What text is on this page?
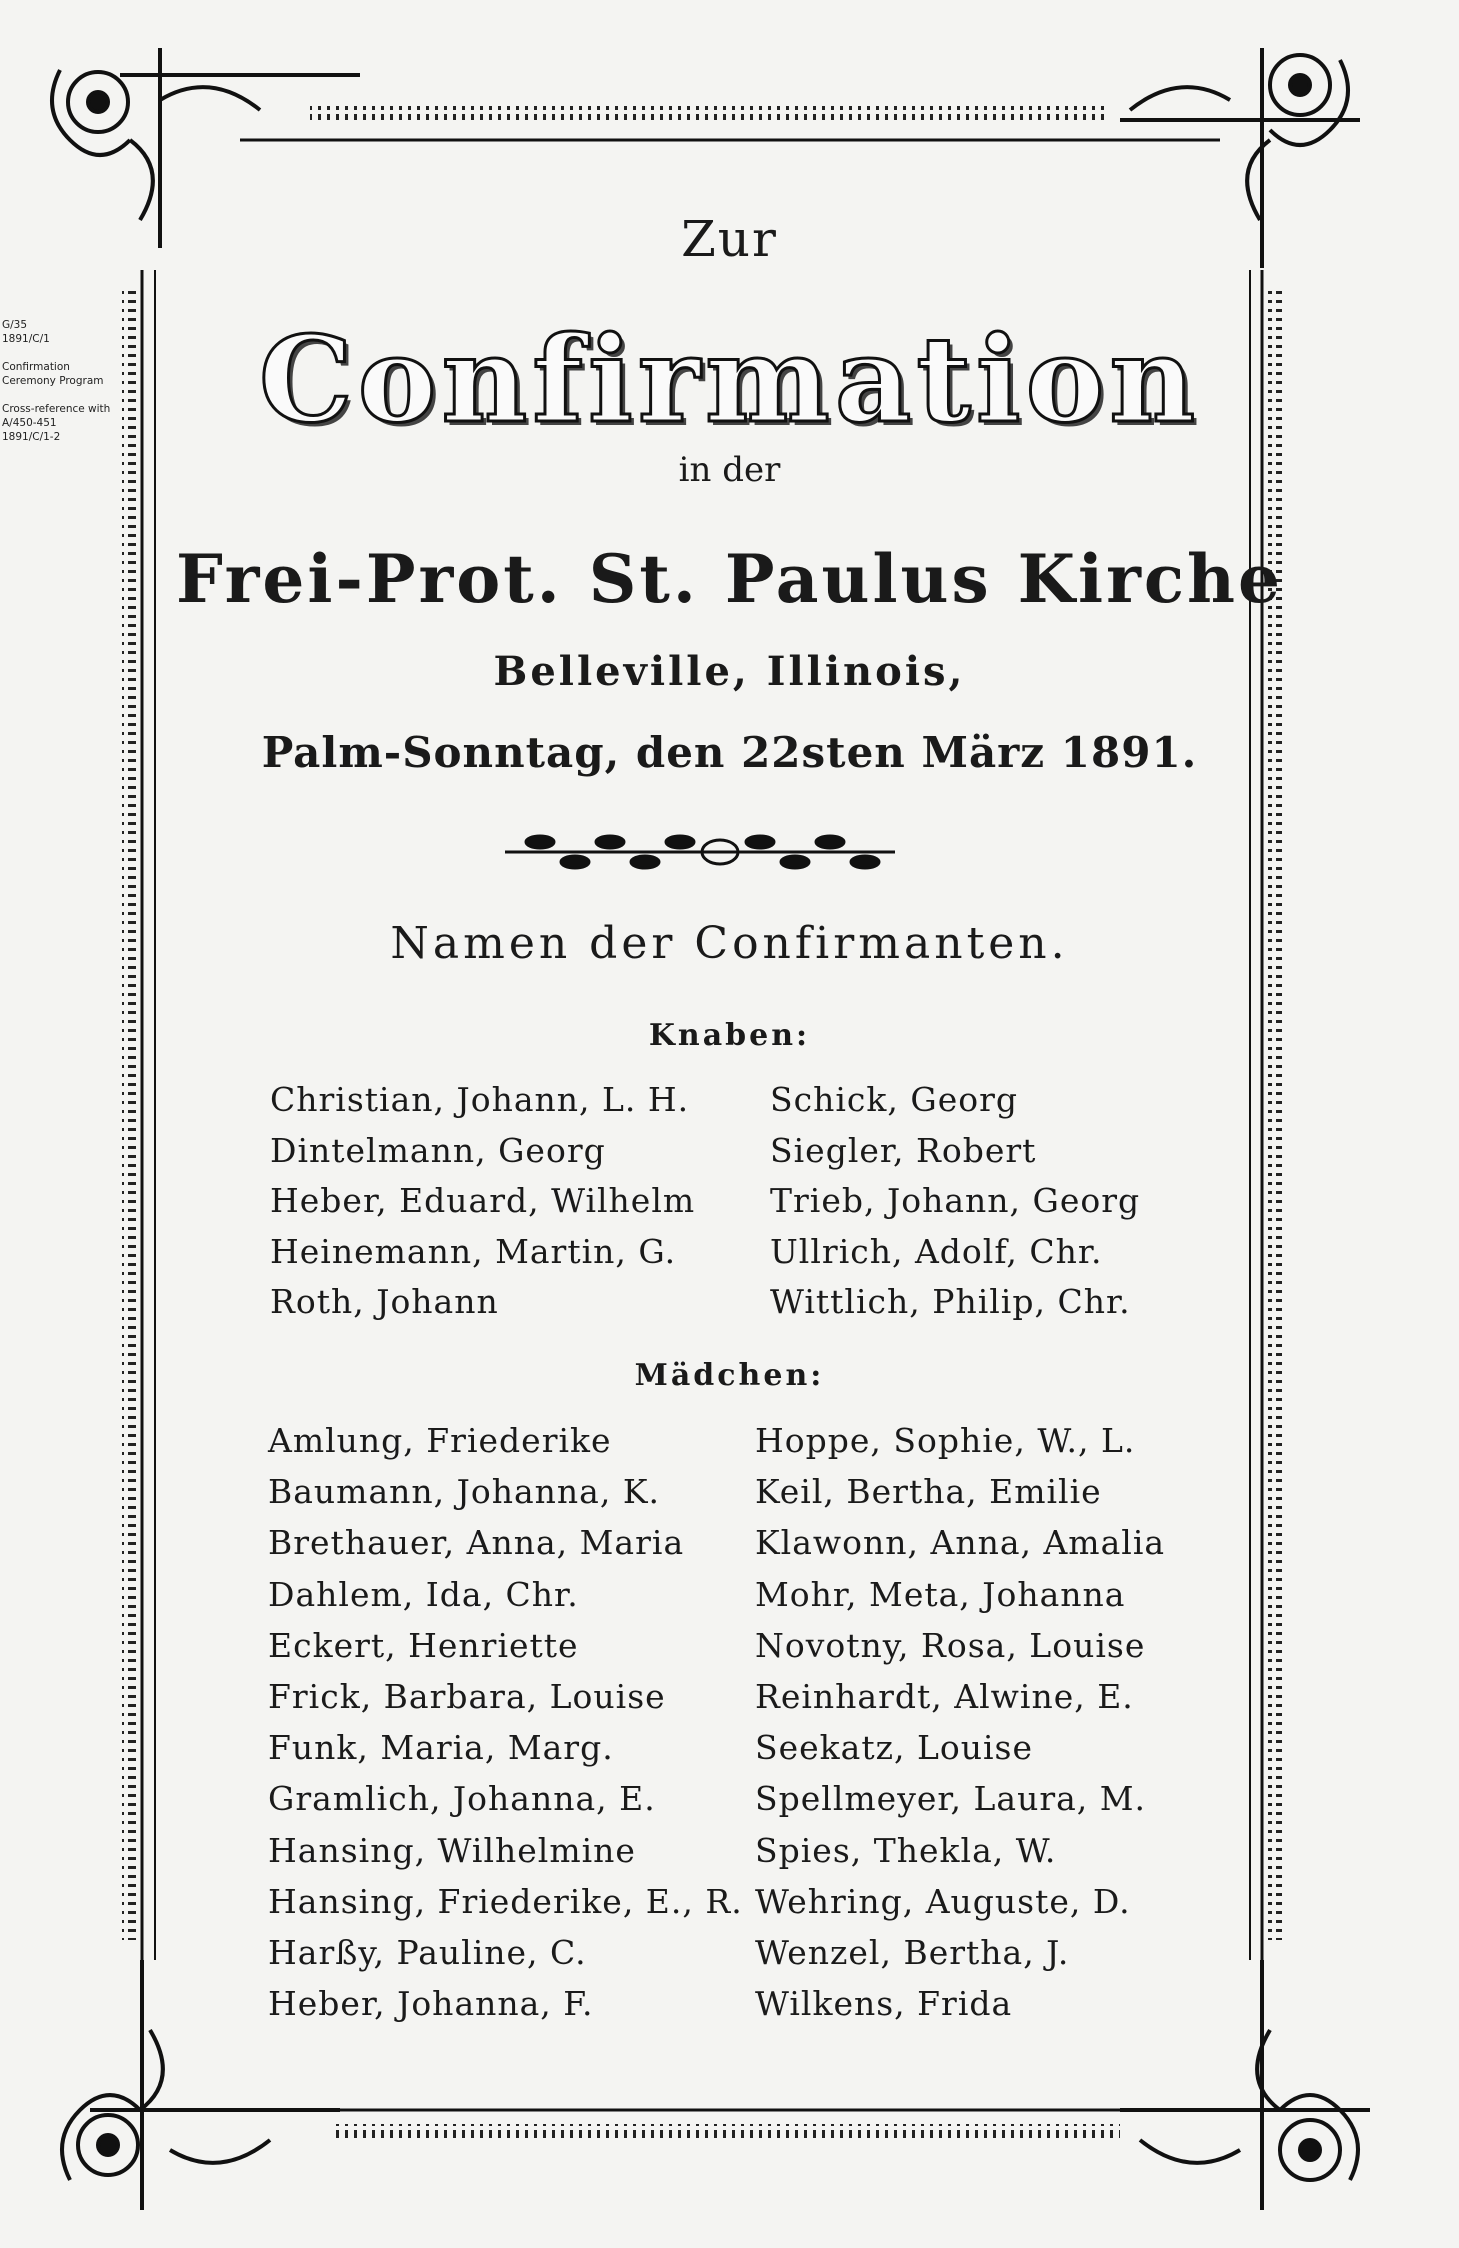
G/35
1891/C/1
Confirmation
Ceremony Program
Cross-reference with
A/450-451
1891/C/1-2
Zur
Confirmation
in der
Frei-Prot. St. Paulus Kirche
Belleville, Illinois,
Palm-Sonntag, den 22sten März 1891.
Namen der Confirmanten.
Knaben:
Christian, Johann, L. H.
Dintelmann, Georg
Heber, Eduard, Wilhelm
Heinemann, Martin, G.
Roth, Johann
Schick, Georg
Siegler, Robert
Trieb, Johann, Georg
Ullrich, Adolf, Chr.
Wittlich, Philip, Chr.
Mädchen:
Amlung, Friederike
Baumann, Johanna, K.
Brethauer, Anna, Maria
Dahlem, Ida, Chr.
Eckert, Henriette
Frick, Barbara, Louise
Funk, Maria, Marg.
Gramlich, Johanna, E.
Hansing, Wilhelmine
Hansing, Friederike, E., R.
Harßy, Pauline, C.
Heber, Johanna, F.
Hoppe, Sophie, W., L.
Keil, Bertha, Emilie
Klawonn, Anna, Amalia
Mohr, Meta, Johanna
Novotny, Rosa, Louise
Reinhardt, Alwine, E.
Seekatz, Louise
Spellmeyer, Laura, M.
Spies, Thekla, W.
Wehring, Auguste, D.
Wenzel, Bertha, J.
Wilkens, Frida
